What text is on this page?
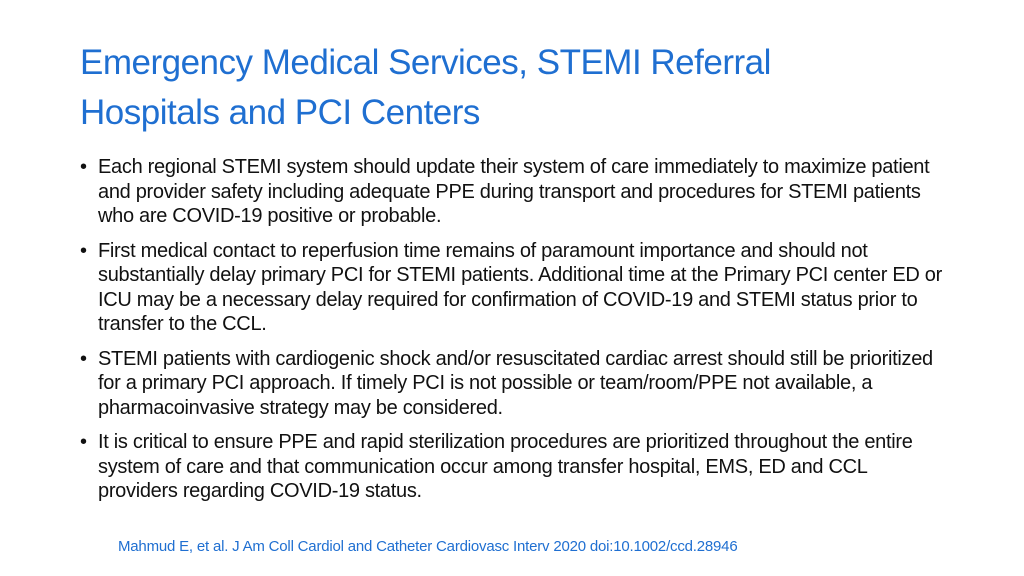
Emergency Medical Services, STEMI Referral
Hospitals and PCI Centers
• Each regional STEMI system should update their system of care immediately to maximize patient and provider safety including adequate PPE during transport and procedures for STEMI patients who are COVID-19 positive or probable.
• First medical contact to reperfusion time remains of paramount importance and should not substantially delay primary PCI for STEMI patients. Additional time at the Primary PCI center ED or ICU may be a necessary delay required for confirmation of COVID-19 and STEMI status prior to transfer to the CCL.
• STEMI patients with cardiogenic shock and/or resuscitated cardiac arrest should still be prioritized for a primary PCI approach. If timely PCI is not possible or team/room/PPE not available, a pharmacoinvasive strategy may be considered.
• It is critical to ensure PPE and rapid sterilization procedures are prioritized throughout the entire system of care and that communication occur among transfer hospital, EMS, ED and CCL providers regarding COVID-19 status.

Mahmud E, et al. J Am Coll Cardiol and Catheter Cardiovasc Interv 2020 doi:10.1002/ccd.28946
